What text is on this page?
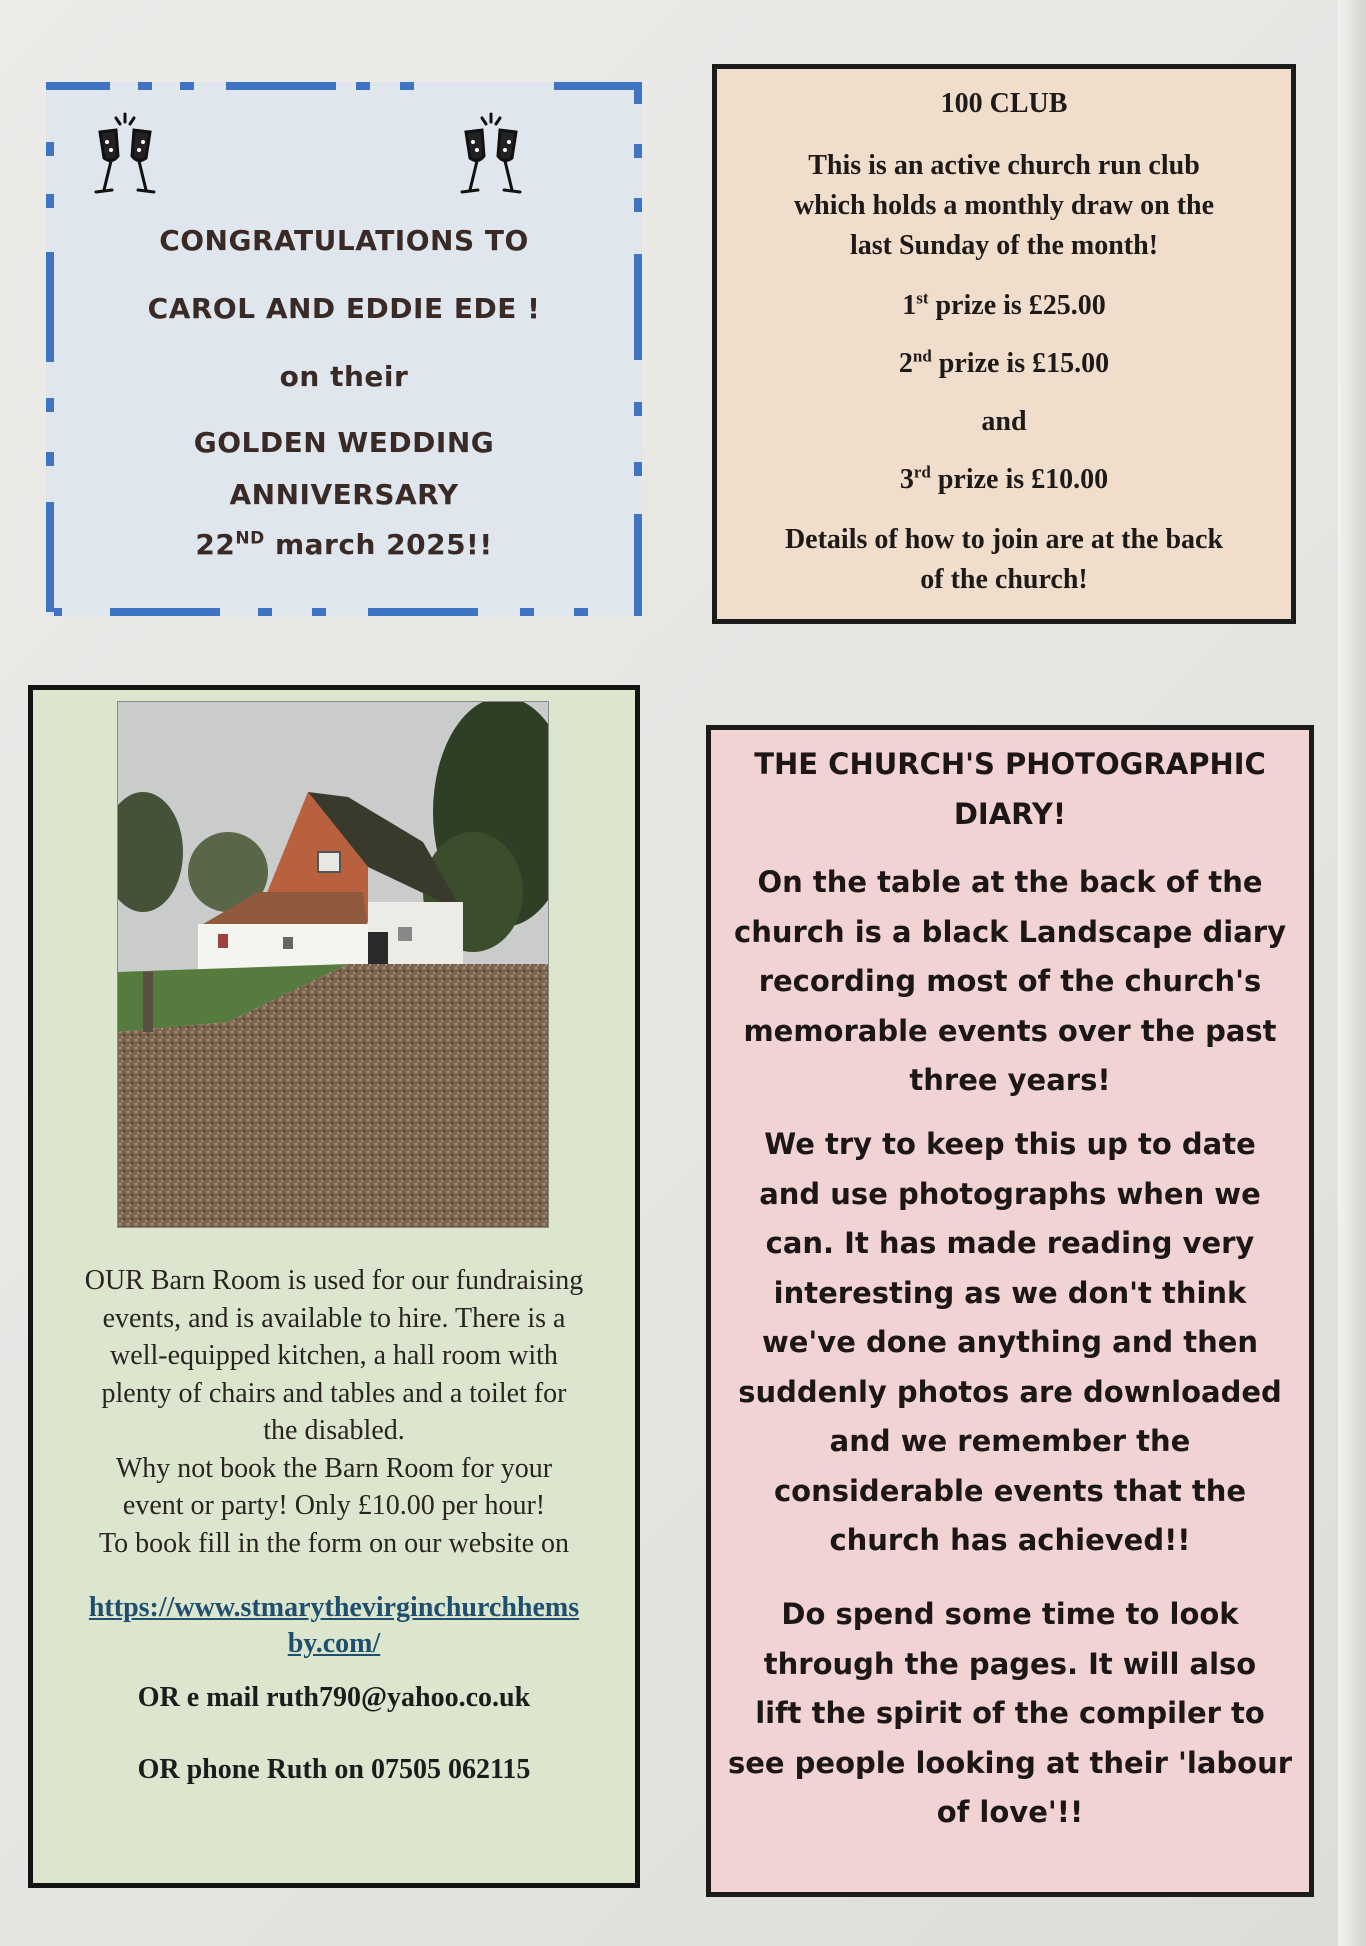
CONGRATULATIONS TO
CAROL AND EDDIE EDE !
on their
GOLDEN WEDDING
ANNIVERSARY
22ND march 2025!!
100 CLUB
This is an active church run club
which holds a monthly draw on the
last Sunday of the month!
1st prize is £25.00
2nd prize is £15.00
and
3rd prize is £10.00
Details of how to join are at the back
of the church!
OUR Barn Room is used for our fundraising
events, and is available to hire. There is a
well-equipped kitchen, a hall room with
plenty of chairs and tables and a toilet for
the disabled.
Why not book the Barn Room for your
event or party! Only £10.00 per hour!
To book fill in the form on our website on
https://www.stmarythevirginchurchhems
by.com/
OR e mail ruth790@yahoo.co.uk
OR phone Ruth on 07505 062115
THE CHURCH'S PHOTOGRAPHIC
DIARY!
On the table at the back of the
church is a black Landscape diary
recording most of the church's
memorable events over the past
three years!
We try to keep this up to date
and use photographs when we
can. It has made reading very
interesting as we don't think
we've done anything and then
suddenly photos are downloaded
and we remember the
considerable events that the
church has achieved!!
Do spend some time to look
through the pages. It will also
lift the spirit of the compiler to
see people looking at their 'labour
of love'!!
